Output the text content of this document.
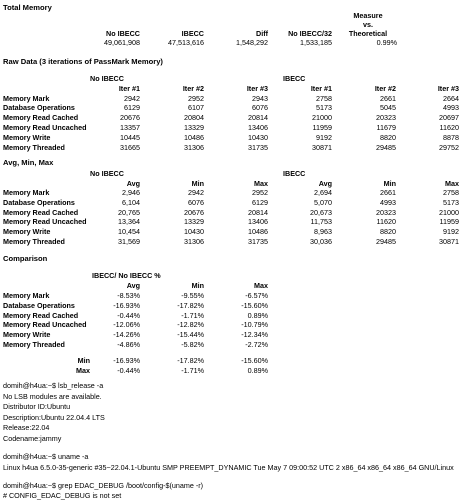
Total Memory
No IBECC	IBECC	Diff	No IBECC/32
Measure
vs.
Theoretical
49,061,908	47,513,616	1,548,292	1,533,185	0.99%
Raw Data (3 iterations of PassMark Memory)
Avg, Min, Max
Comparison
No IBECC	IBECC
Iter #1	Iter #2	Iter #3	Iter #1	Iter #2	Iter #3
Memory Mark	2942	2952	2943	2758	2661	2664
Database Operations	6129	6107	6076	5173	5045	4993
Memory Read Cached	20676	20804	20814	21000	20323	20697
Memory Read Uncached	13357	13329	13406	11959	11679	11620
Memory Write	10445	10486	10430	9192	8820	8878
Memory Threaded	31665	31306	31735	30871	29485	29752
No IBECC	IBECC
Avg	Min	Max	Avg	Min	Max
Memory Mark	2,946	2942	2952	2,694	2661	2758
Database Operations	6,104	6076	6129	5,070	4993	5173
Memory Read Cached	20,765	20676	20814	20,673	20323	21000
Memory Read Uncached	13,364	13329	13406	11,753	11620	11959
Memory Write	10,454	10430	10486	8,963	8820	9192
Memory Threaded	31,569	31306	31735	30,036	29485	30871
IBECC/ No IBECC %
Avg	Min	Max
Memory Mark	-8.53%	-9.55%	-6.57%
Database Operations	-16.93%	-17.82%	-15.60%
Memory Read Cached	-0.44%	-1.71%	0.89%
Memory Read Uncached	-12.06%	-12.82%	-10.79%
Memory Write	-14.26%	-15.44%	-12.34%
Memory Threaded	-4.86%	-5.82%	-2.72%
Min	-16.93%	-17.82%	-15.60%
Max	-0.44%	-1.71%	0.89%
domih@h4ua:~$ lsb_release -a
No LSB modules are available.
Distributor ID:Ubuntu
Description:Ubuntu 22.04.4 LTS
Release:22.04
Codename:jammy
domih@h4ua:~$ uname -a
Linux h4ua 6.5.0-35-generic #35~22.04.1-Ubuntu SMP PREEMPT_DYNAMIC Tue May 7 09:00:52 UTC 2 x86_64 x86_64 x86_64 GNU/Linux
domih@h4ua:~$ grep EDAC_DEBUG /boot/config-$(uname -r)
# CONFIG_EDAC_DEBUG is not set
